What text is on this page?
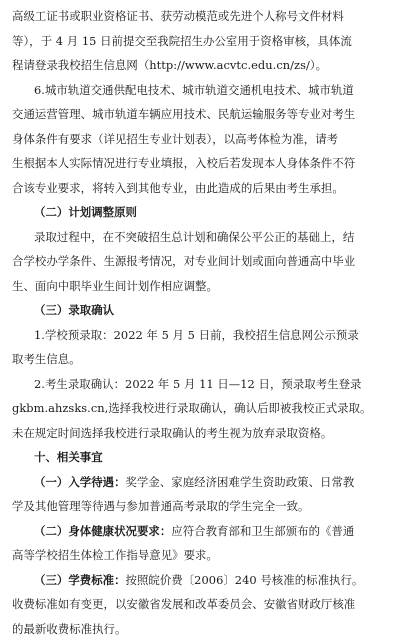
高级工证书或职业资格证书、获劳动模范或先进个人称号文件材料
等），于 4 月 15 日前提交至我院招生办公室用于资格审核，具体流
程请登录我校招生信息网（http://www.acvtc.edu.cn/zs/）。
6.城市轨道交通供配电技术、城市轨道交通机电技术、城市轨道
交通运营管理、城市轨道车辆应用技术、民航运输服务等专业对考生
身体条件有要求（详见招生专业计划表），以高考体检为准，请考
生根据本人实际情况进行专业填报，入校后若发现本人身体条件不符
合该专业要求，将转入到其他专业，由此造成的后果由考生承担。
（二）计划调整原则
录取过程中，在不突破招生总计划和确保公平公正的基础上，结
合学校办学条件、生源报考情况，对专业间计划或面向普通高中毕业
生、面向中职毕业生间计划作相应调整。
（三）录取确认
1.学校预录取：2022 年 5 月 5 日前，我校招生信息网公示预录
取考生信息。
2.考生录取确认：2022 年 5 月 11 日—12 日，预录取考生登录
gkbm.ahzsks.cn,选择我校进行录取确认，确认后即被我校正式录取。
未在规定时间选择我校进行录取确认的考生视为放弃录取资格。
十、相关事宜
（一）入学待遇：奖学金、家庭经济困难学生资助政策、日常教
学及其他管理等待遇与参加普通高考录取的学生完全一致。
（二）身体健康状况要求：应符合教育部和卫生部颁布的《普通
高等学校招生体检工作指导意见》要求。
（三）学费标准：按照皖价费〔2006〕240 号核准的标准执行。
收费标准如有变更，以安徽省发展和改革委员会、安徽省财政厅核准
的最新收费标准执行。
